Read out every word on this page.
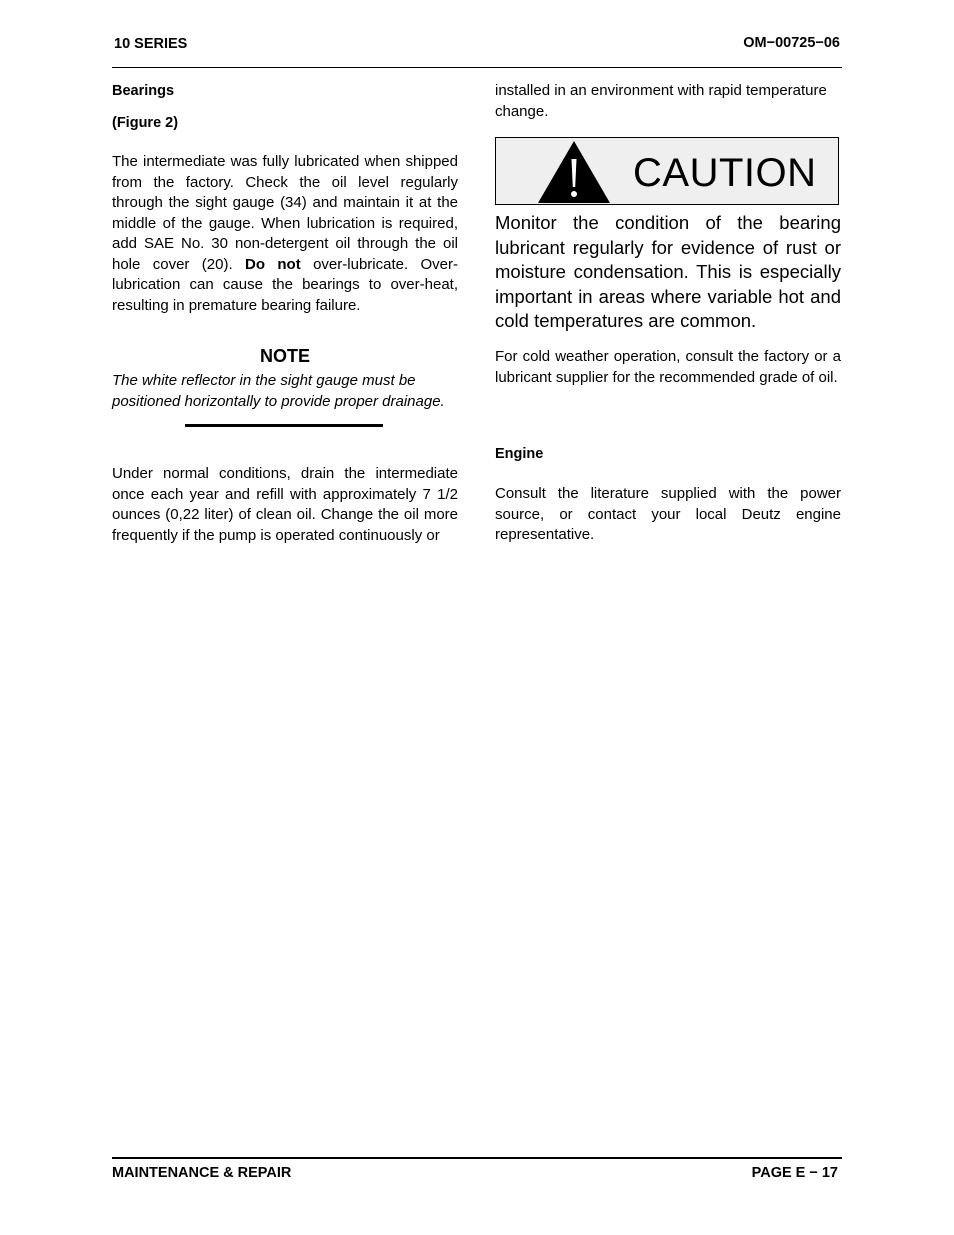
10 SERIES	OM−00725−06
Bearings
(Figure 2)

The intermediate was fully lubricated when shipped from the factory. Check the oil level regularly through the sight gauge (34) and maintain it at the middle of the gauge. When lubrication is required, add SAE No. 30 non-detergent oil through the oil hole cover (20). Do not over-lubricate. Over-lubrication can cause the bearings to over-heat, resulting in premature bearing failure.

NOTE
The white reflector in the sight gauge must be positioned horizontally to provide proper drainage.

Under normal conditions, drain the intermediate once each year and refill with approximately 7 1/2 ounces (0,22 liter) of clean oil. Change the oil more frequently if the pump is operated continuously or

installed in an environment with rapid temperature change.

CAUTION

Monitor the condition of the bearing lubricant regularly for evidence of rust or moisture condensation. This is especially important in areas where variable hot and cold temperatures are common.

For cold weather operation, consult the factory or a lubricant supplier for the recommended grade of oil.

Engine

Consult the literature supplied with the power source, or contact your local Deutz engine representative.

MAINTENANCE & REPAIR	PAGE E − 17
